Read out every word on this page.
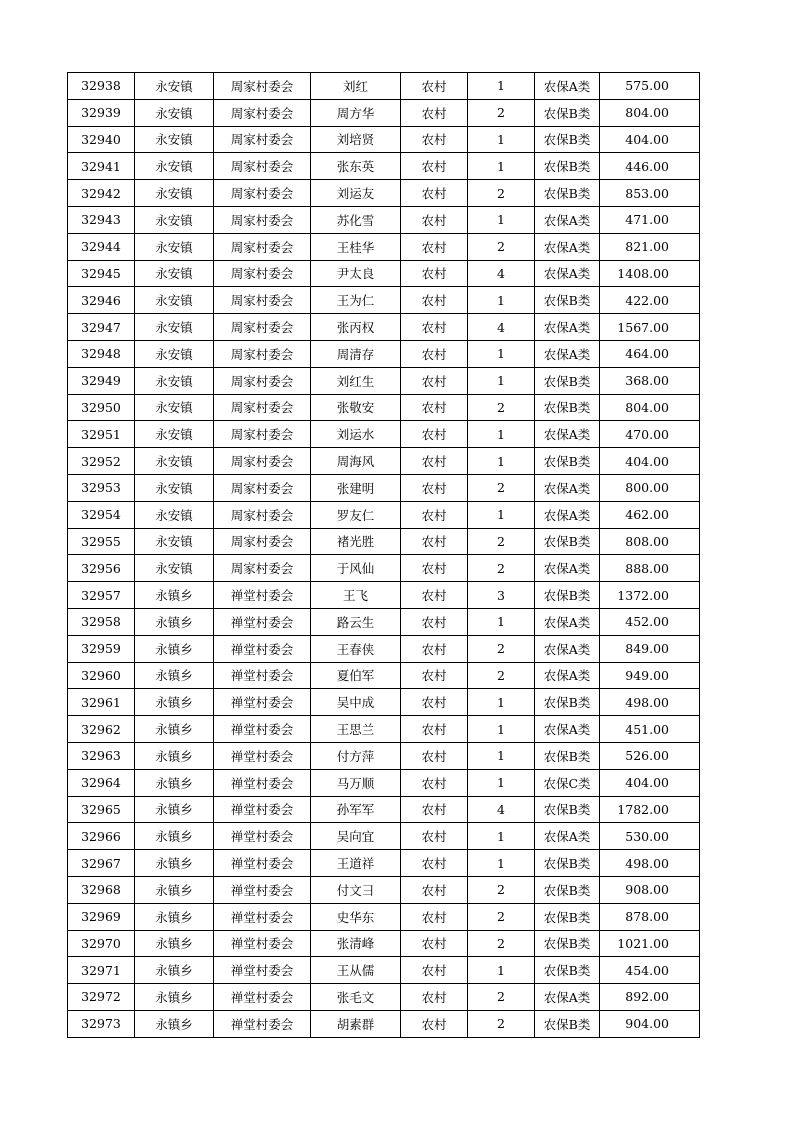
32938	永安镇	周家村委会	刘红	农村	1	农保A类	575.00
32939	永安镇	周家村委会	周方华	农村	2	农保B类	804.00
32940	永安镇	周家村委会	刘培贤	农村	1	农保B类	404.00
32941	永安镇	周家村委会	张东英	农村	1	农保B类	446.00
32942	永安镇	周家村委会	刘运友	农村	2	农保B类	853.00
32943	永安镇	周家村委会	苏化雪	农村	1	农保A类	471.00
32944	永安镇	周家村委会	王桂华	农村	2	农保A类	821.00
32945	永安镇	周家村委会	尹太良	农村	4	农保A类	1408.00
32946	永安镇	周家村委会	王为仁	农村	1	农保B类	422.00
32947	永安镇	周家村委会	张丙权	农村	4	农保A类	1567.00
32948	永安镇	周家村委会	周清存	农村	1	农保A类	464.00
32949	永安镇	周家村委会	刘红生	农村	1	农保B类	368.00
32950	永安镇	周家村委会	张敬安	农村	2	农保B类	804.00
32951	永安镇	周家村委会	刘运水	农村	1	农保A类	470.00
32952	永安镇	周家村委会	周海风	农村	1	农保B类	404.00
32953	永安镇	周家村委会	张建明	农村	2	农保A类	800.00
32954	永安镇	周家村委会	罗友仁	农村	1	农保A类	462.00
32955	永安镇	周家村委会	褚光胜	农村	2	农保B类	808.00
32956	永安镇	周家村委会	于风仙	农村	2	农保A类	888.00
32957	永镇乡	禅堂村委会	王飞	农村	3	农保B类	1372.00
32958	永镇乡	禅堂村委会	路云生	农村	1	农保A类	452.00
32959	永镇乡	禅堂村委会	王春侠	农村	2	农保A类	849.00
32960	永镇乡	禅堂村委会	夏伯军	农村	2	农保A类	949.00
32961	永镇乡	禅堂村委会	吴中成	农村	1	农保B类	498.00
32962	永镇乡	禅堂村委会	王思兰	农村	1	农保A类	451.00
32963	永镇乡	禅堂村委会	付方萍	农村	1	农保B类	526.00
32964	永镇乡	禅堂村委会	马万顺	农村	1	农保C类	404.00
32965	永镇乡	禅堂村委会	孙军军	农村	4	农保B类	1782.00
32966	永镇乡	禅堂村委会	吴向宜	农村	1	农保A类	530.00
32967	永镇乡	禅堂村委会	王道祥	农村	1	农保B类	498.00
32968	永镇乡	禅堂村委会	付文彐	农村	2	农保B类	908.00
32969	永镇乡	禅堂村委会	史华东	农村	2	农保B类	878.00
32970	永镇乡	禅堂村委会	张清峰	农村	2	农保B类	1021.00
32971	永镇乡	禅堂村委会	王从儒	农村	1	农保B类	454.00
32972	永镇乡	禅堂村委会	张毛文	农村	2	农保A类	892.00
32973	永镇乡	禅堂村委会	胡素群	农村	2	农保B类	904.00
